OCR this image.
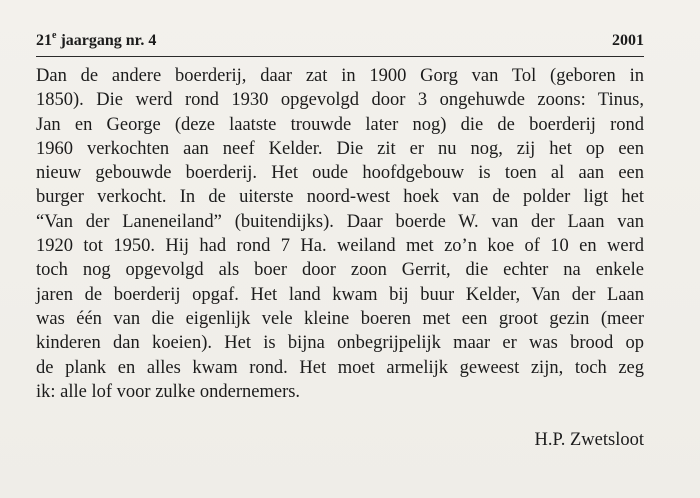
21e jaargang nr. 4	2001
Dan de andere boerderij, daar zat in 1900 Gorg van Tol (geboren in
1850). Die werd rond 1930 opgevolgd door 3 ongehuwde zoons: Tinus,
Jan en George (deze laatste trouwde later nog) die de boerderij rond
1960 verkochten aan neef Kelder. Die zit er nu nog, zij het op een
nieuw gebouwde boerderij. Het oude hoofdgebouw is toen al aan een
burger verkocht. In de uiterste noord-west hoek van de polder ligt het
“Van der Laneneiland” (buitendijks). Daar boerde W. van der Laan van
1920 tot 1950. Hij had rond 7 Ha. weiland met zo’n koe of 10 en werd
toch nog opgevolgd als boer door zoon Gerrit, die echter na enkele
jaren de boerderij opgaf. Het land kwam bij buur Kelder, Van der Laan
was één van die eigenlijk vele kleine boeren met een groot gezin (meer
kinderen dan koeien). Het is bijna onbegrijpelijk maar er was brood op
de plank en alles kwam rond. Het moet armelijk geweest zijn, toch zeg
ik: alle lof voor zulke ondernemers.
H.P. Zwetsloot
